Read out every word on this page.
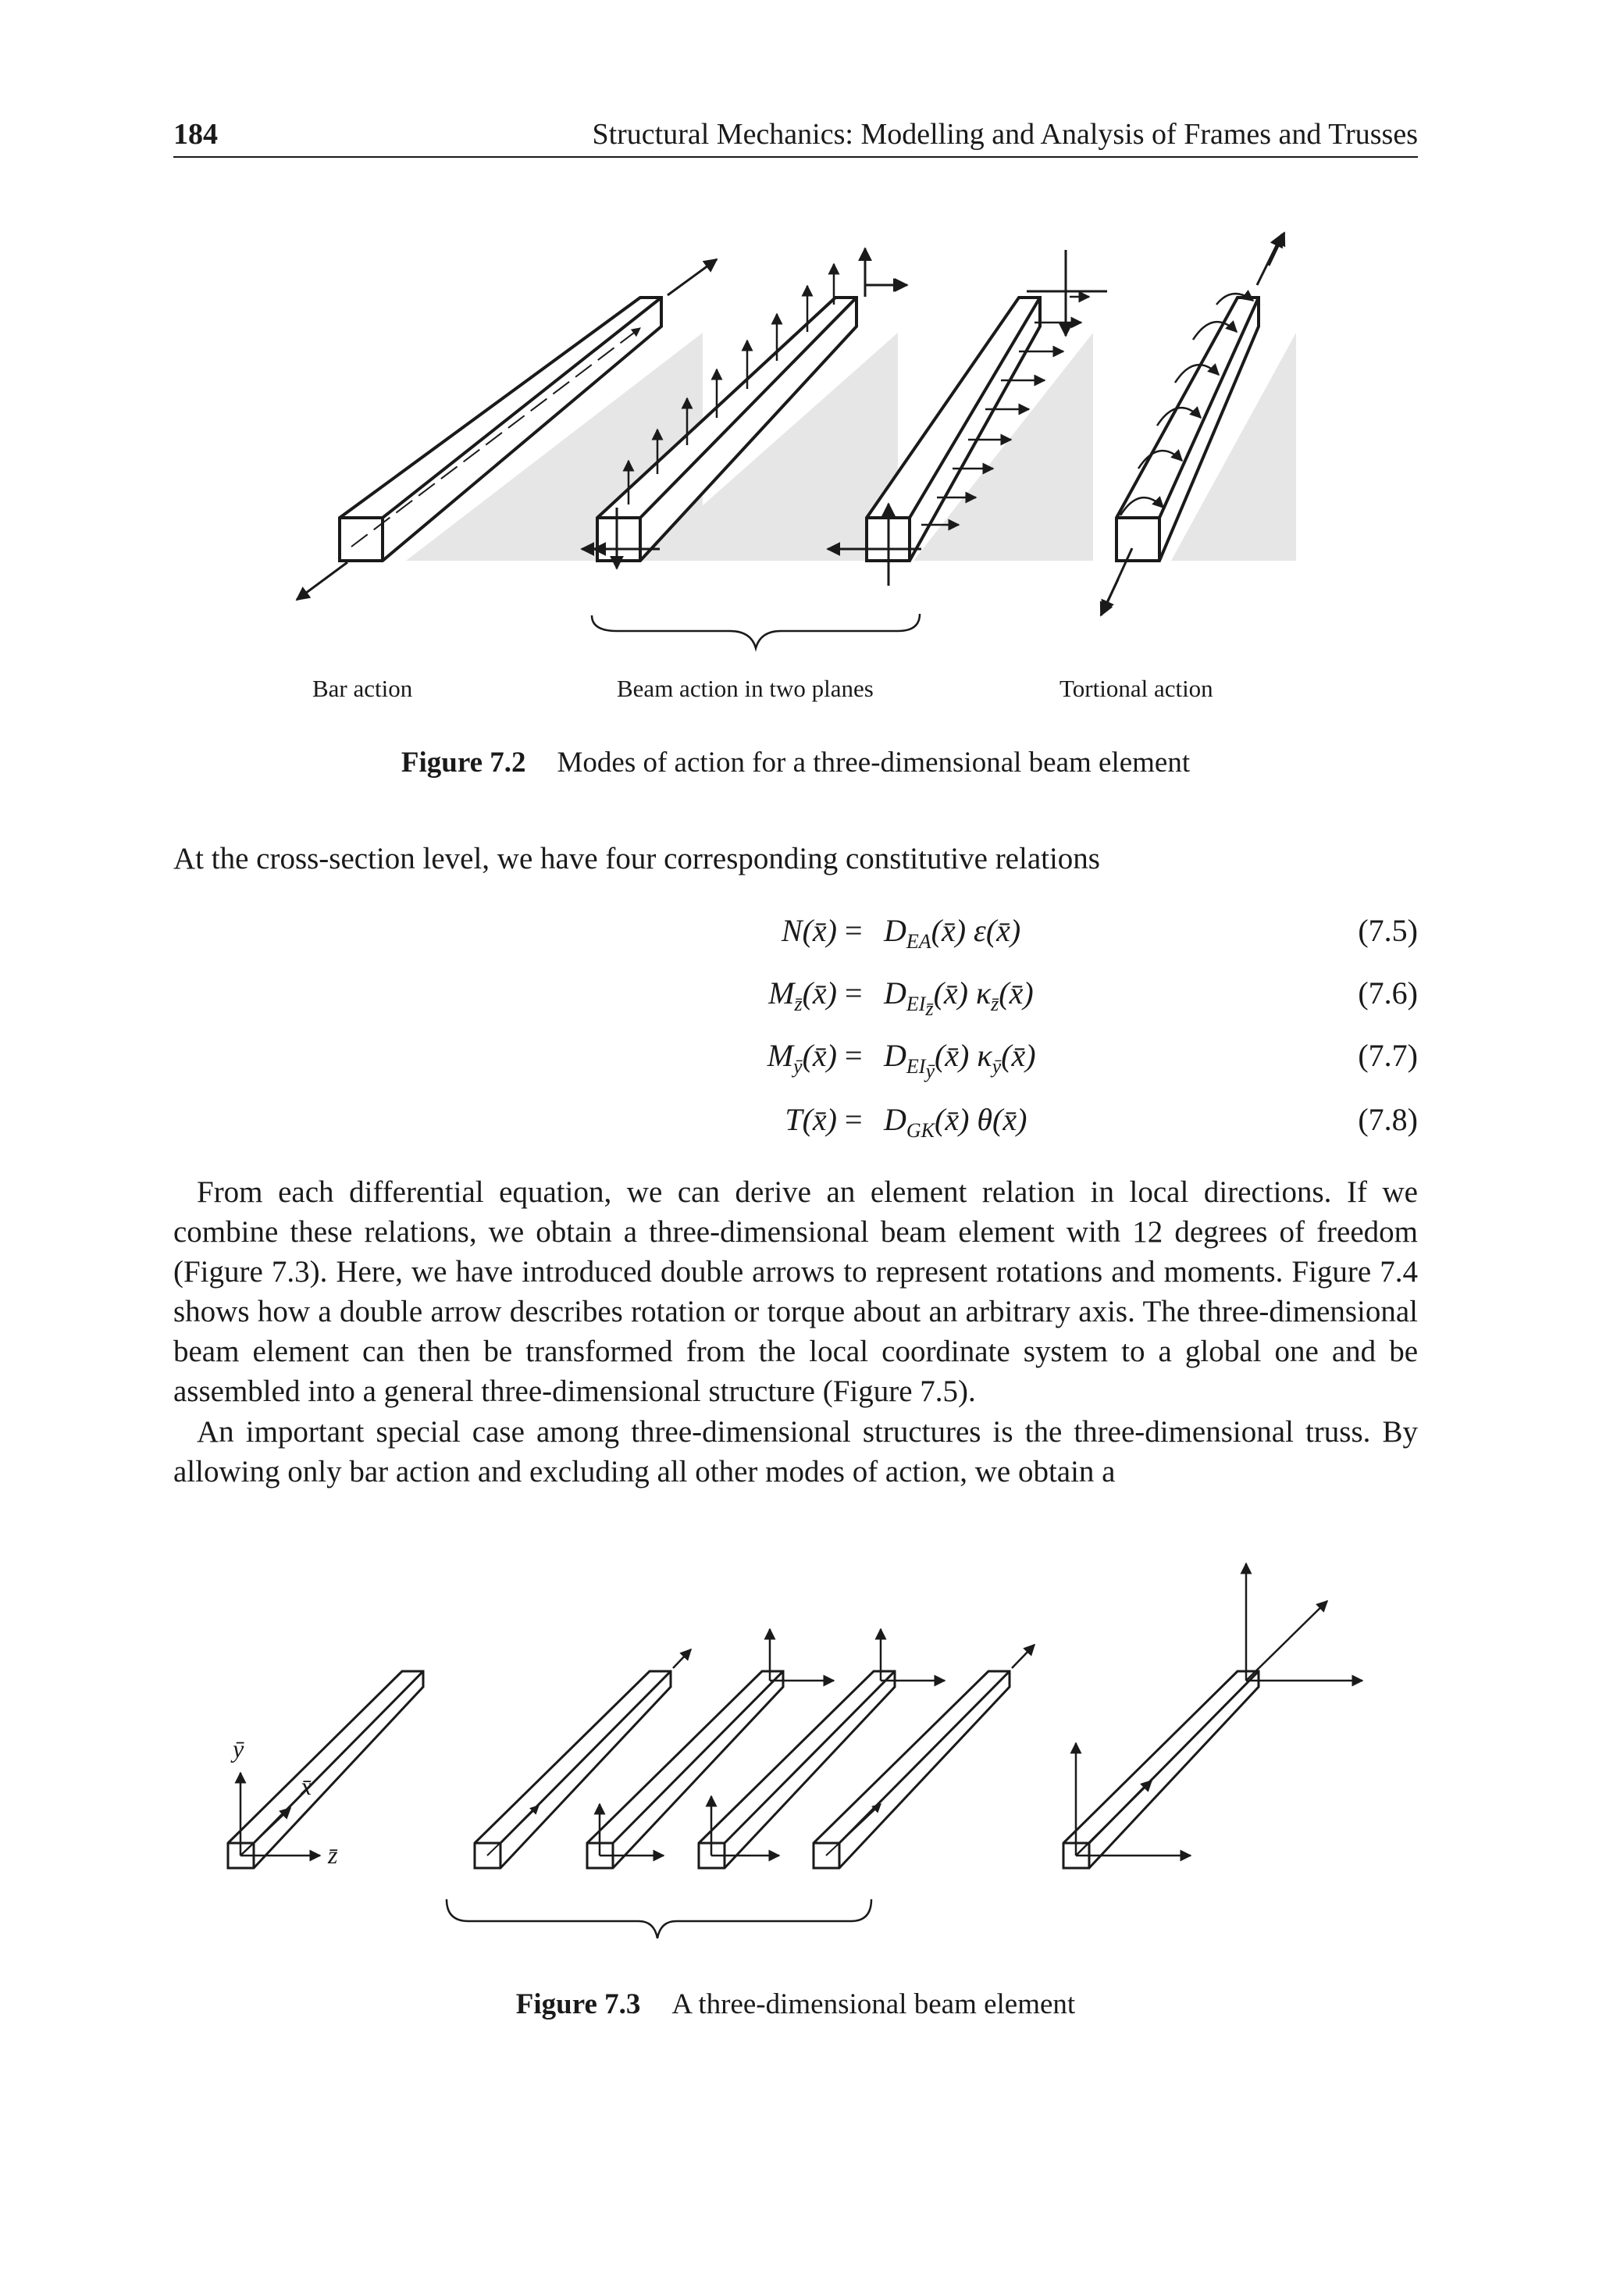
184	Structural Mechanics: Modelling and Analysis of Frames and Trusses
Bar action	Beam action in two planes	Tortional action
Figure 7.2 Modes of action for a three-dimensional beam element

At the cross-section level, we have four corresponding constitutive relations

N(x̄) = $D_{EA}(x̄)$ ε(x̄)	(7.5)
$M_{z̄}(x̄)$ = $D_{EI_{z̄}}(x̄)$ $\kappa_{z̄}(x̄)$	(7.6)
$M_ȳ(x̄)$ = $D_{EI_ȳ}(x̄)$ $\kappa_ȳ(x̄)$	(7.7)
T(x̄) = $D_{GK}(x̄)$ θ(x̄)	(7.8)

From each differential equation, we can derive an element relation in local directions. If we combine these relations, we obtain a three-dimensional beam element with 12 degrees of freedom (Figure 7.3). Here, we have introduced double arrows to represent rotations and moments. Figure 7.4 shows how a double arrow describes rotation or torque about an arbitrary axis. The three-dimensional beam element can then be transformed from the local coordinate system to a global one and be assembled into a general three-dimensional structure (Figure 7.5).

An important special case among three-dimensional structures is the three-dimensional truss. By allowing only bar action and excluding all other modes of action, we obtain a

ȳ
x̄
z̄
Figure 7.3 A three-dimensional beam element
